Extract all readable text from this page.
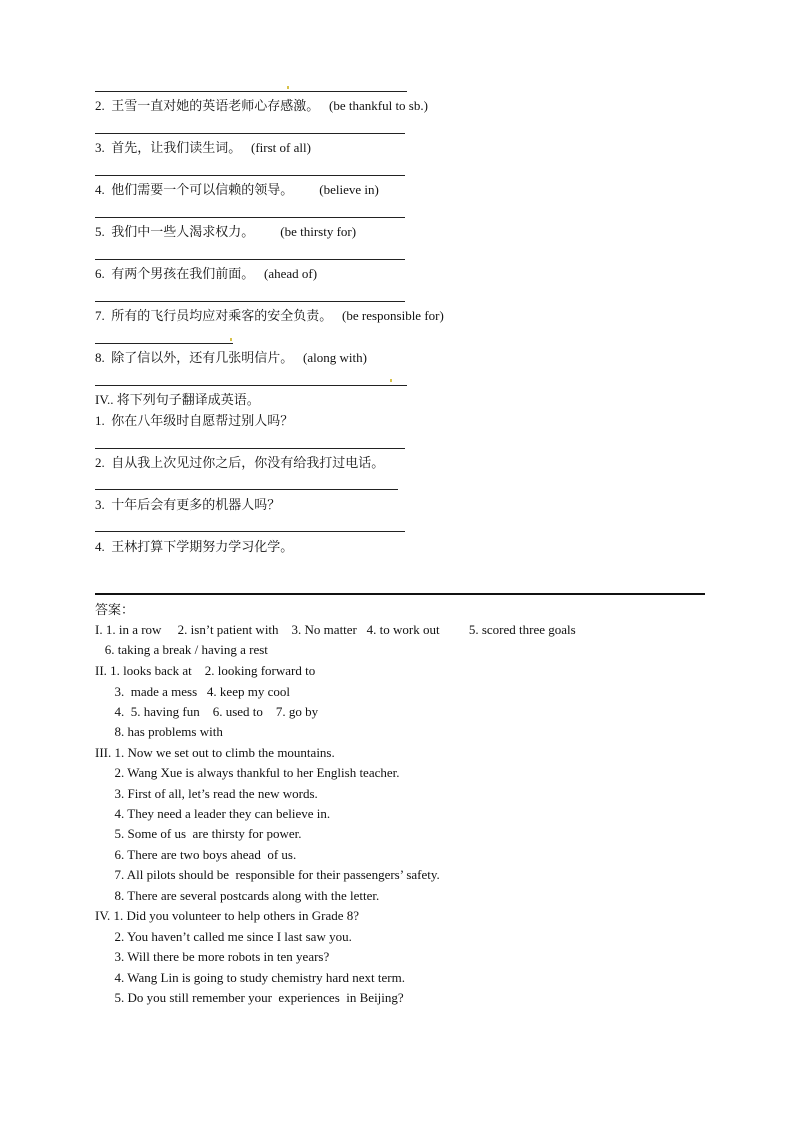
2. 王雪一直对她的英语老师心存感激。 (be thankful to sb.)
3. 首先，让我们读生词。 (first of all)
4. 他们需要一个可以信赖的领导。 (believe in)
5. 我们中一些人渴求权力。 (be thirsty for)
6. 有两个男孩在我们前面。 (ahead of)
7. 所有的飞行员均应对乘客的安全负责。 (be responsible for)
8. 除了信以外，还有几张明信片。 (along with)
IV.. 将下列句子翻译成英语。
1.  你在八年级时自愿帮过别人吗？
2.  自从我上次见过你之后，你没有给我打过电话。
3.  十年后会有更多的机器人吗？
4.  王林打算下学期努力学习化学。
答案：
I. 1. in a row     2. isn’t patient with    3. No matter   4. to work out         5. scored three goals
6. taking a break / having a rest
II. 1. looks back at    2. looking forward to
3.  made a mess   4. keep my cool
4.  5. having fun    6. used to    7. go by
8. has problems with
III. 1. Now we set out to climb the mountains.
2. Wang Xue is always thankful to her English teacher.
3. First of all, let’s read the new words.
4. They need a leader they can believe in.
5. Some of us  are thirsty for power.
6. There are two boys ahead  of us.
7. All pilots should be  responsible for their passengers’ safety.
8. There are several postcards along with the letter.
IV. 1. Did you volunteer to help others in Grade 8?
2. You haven’t called me since I last saw you.
3. Will there be more robots in ten years?
4. Wang Lin is going to study chemistry hard next term.
5. Do you still remember your  experiences  in Beijing?
